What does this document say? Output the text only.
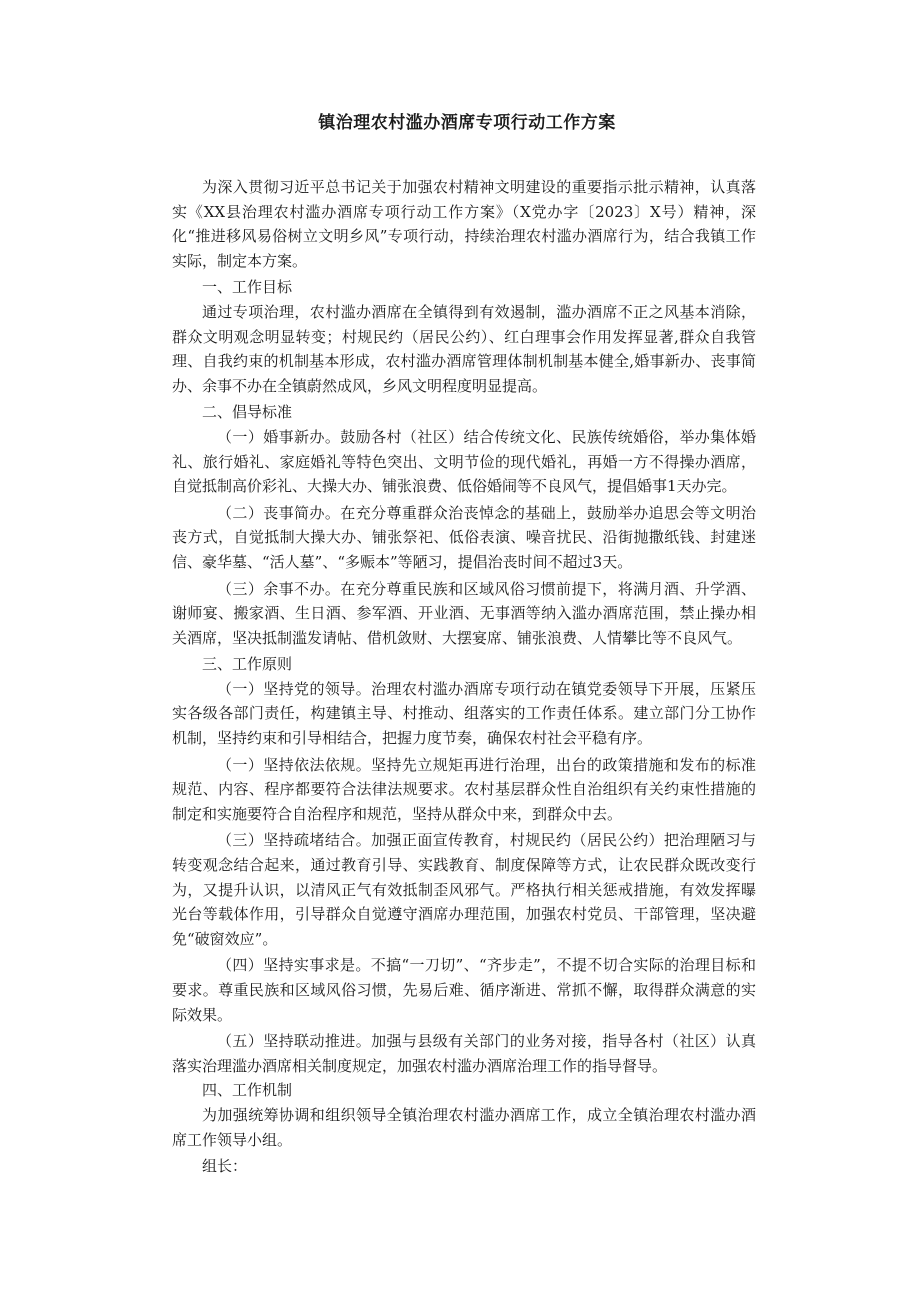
镇治理农村滥办酒席专项行动工作方案

为深入贯彻习近平总书记关于加强农村精神文明建设的重要指示批示精神，认真落实《XX县治理农村滥办酒席专项行动工作方案》（X党办字〔2023〕X号）精神，深化“推进移风易俗树立文明乡风”专项行动，持续治理农村滥办酒席行为，结合我镇工作实际，制定本方案。

一、工作目标

通过专项治理，农村滥办酒席在全镇得到有效遏制，滥办酒席不正之风基本消除，群众文明观念明显转变；村规民约（居民公约）、红白理事会作用发挥显著,群众自我管理、自我约束的机制基本形成，农村滥办酒席管理体制机制基本健全,婚事新办、丧事简办、余事不办在全镇蔚然成风，乡风文明程度明显提高。

二、倡导标准

（一）婚事新办。鼓励各村（社区）结合传统文化、民族传统婚俗，举办集体婚礼、旅行婚礼、家庭婚礼等特色突出、文明节俭的现代婚礼，再婚一方不得操办酒席，自觉抵制高价彩礼、大操大办、铺张浪费、低俗婚闹等不良风气，提倡婚事1天办完。

（二）丧事简办。在充分尊重群众治丧悼念的基础上，鼓励举办追思会等文明治丧方式，自觉抵制大操大办、铺张祭祀、低俗表演、噪音扰民、沿街抛撒纸钱、封建迷信、豪华墓、“活人墓”、“多赈本”等陋习，提倡治丧时间不超过3天。

（三）余事不办。在充分尊重民族和区域风俗习惯前提下，将满月酒、升学酒、谢师宴、搬家酒、生日酒、参军酒、开业酒、无事酒等纳入滥办酒席范围，禁止操办相关酒席，坚决抵制滥发请帖、借机敛财、大摆宴席、铺张浪费、人情攀比等不良风气。

三、工作原则

（一）坚持党的领导。治理农村滥办酒席专项行动在镇党委领导下开展，压紧压实各级各部门责任，构建镇主导、村推动、组落实的工作责任体系。建立部门分工协作机制，坚持约束和引导相结合，把握力度节奏，确保农村社会平稳有序。

（一）坚持依法依规。坚持先立规矩再进行治理，出台的政策措施和发布的标准规范、内容、程序都要符合法律法规要求。农村基层群众性自治组织有关约束性措施的制定和实施要符合自治程序和规范，坚持从群众中来，到群众中去。

（三）坚持疏堵结合。加强正面宣传教育，村规民约（居民公约）把治理陋习与转变观念结合起来，通过教育引导、实践教育、制度保障等方式，让农民群众既改变行为，又提升认识，以清风正气有效抵制歪风邪气。严格执行相关惩戒措施，有效发挥曝光台等载体作用，引导群众自觉遵守酒席办理范围，加强农村党员、干部管理，坚决避免“破窗效应”。

（四）坚持实事求是。不搞“一刀切”、“齐步走”，不提不切合实际的治理目标和要求。尊重民族和区域风俗习惯，先易后难、循序渐进、常抓不懈，取得群众满意的实际效果。

（五）坚持联动推进。加强与县级有关部门的业务对接，指导各村（社区）认真落实治理滥办酒席相关制度规定，加强农村滥办酒席治理工作的指导督导。

四、工作机制

为加强统筹协调和组织领导全镇治理农村滥办酒席工作，成立全镇治理农村滥办酒席工作领导小组。

组长：
